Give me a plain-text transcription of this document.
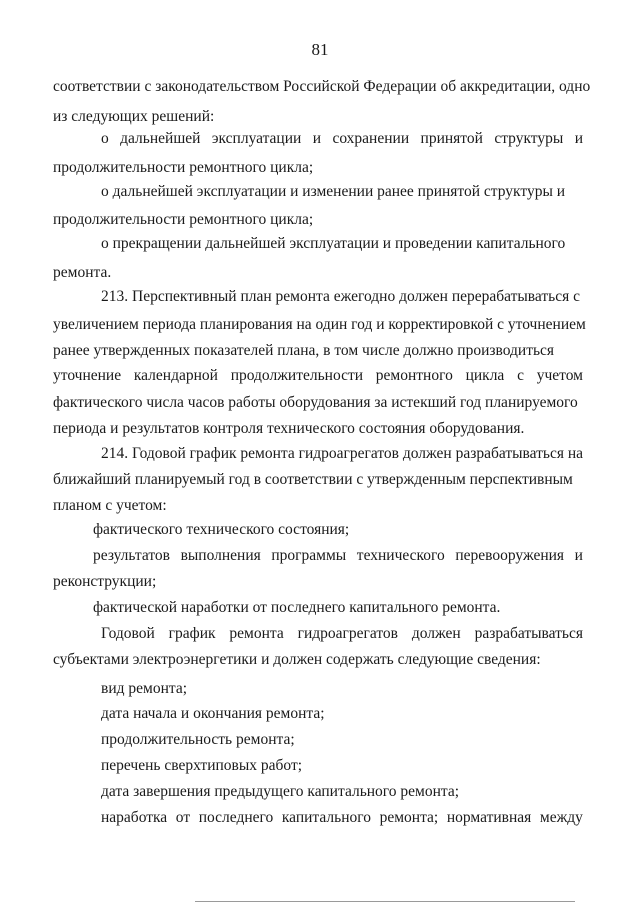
81
соответствии с законодательством Российской Федерации об аккредитации, одно
из следующих решений:
о дальнейшей эксплуатации и сохранении принятой структуры и
продолжительности ремонтного цикла;
о дальнейшей эксплуатации и изменении ранее принятой структуры и
продолжительности ремонтного цикла;
о прекращении дальнейшей эксплуатации и проведении капитального
ремонта.
213. Перспективный план ремонта ежегодно должен перерабатываться с
увеличением периода планирования на один год и корректировкой с уточнением
ранее утвержденных показателей плана, в том числе должно производиться
уточнение календарной продолжительности ремонтного цикла с учетом
фактического числа часов работы оборудования за истекший год планируемого
периода и результатов контроля технического состояния оборудования.
214. Годовой график ремонта гидроагрегатов должен разрабатываться на
ближайший планируемый год в соответствии с утвержденным перспективным
планом с учетом:
фактического технического состояния;
результатов выполнения программы технического перевооружения и
реконструкции;
фактической наработки от последнего капитального ремонта.
Годовой график ремонта гидроагрегатов должен разрабатываться
субъектами электроэнергетики и должен содержать следующие сведения:
вид ремонта;
дата начала и окончания ремонта;
продолжительность ремонта;
перечень сверхтиповых работ;
дата завершения предыдущего капитального ремонта;
наработка от последнего капитального ремонта; нормативная между
